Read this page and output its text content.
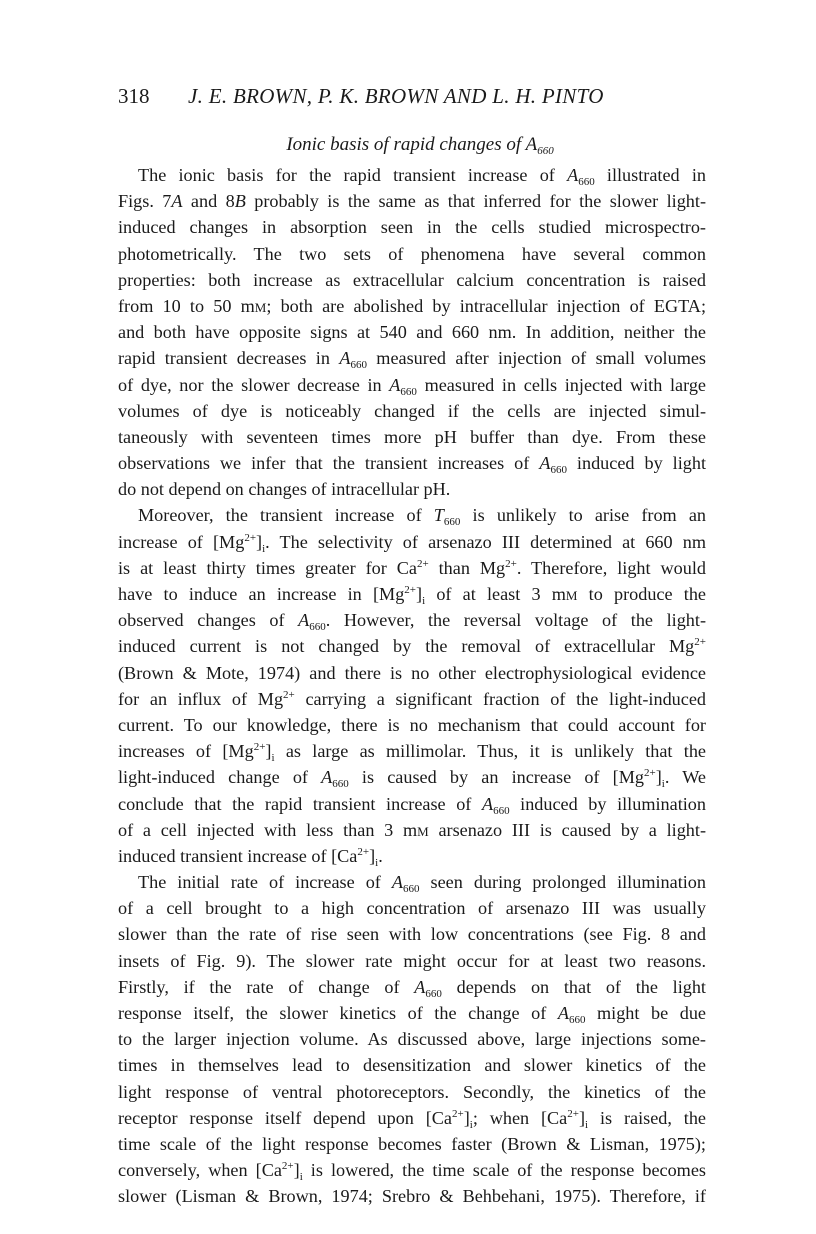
318 J. E. BROWN, P. K. BROWN AND L. H. PINTO
Ionic basis of rapid changes of $A_{660}$
The ionic basis for the rapid transient increase of $A_{660}$ illustrated in
Figs. 7A and 8B probably is the same as that inferred for the slower light-
induced changes in absorption seen in the cells studied microspectro-
photometrically. The two sets of phenomena have several common
properties: both increase as extracellular calcium concentration is raised
from 10 to 50 mm; both are abolished by intracellular injection of EGTA;
and both have opposite signs at 540 and 660 nm. In addition, neither the
rapid transient decreases in $A_{660}$ measured after injection of small volumes
of dye, nor the slower decrease in $A_{660}$ measured in cells injected with large
volumes of dye is noticeably changed if the cells are injected simul-
taneously with seventeen times more pH buffer than dye. From these
observations we infer that the transient increases of $A_{660}$ induced by light
do not depend on changes of intracellular pH.
Moreover, the transient increase of $T_{660}$ is unlikely to arise from an
increase of $[Mg^{2+}]_i$. The selectivity of arsenazo III determined at 660 nm
is at least thirty times greater for $Ca^{2+}$ than $Mg^{2+}$. Therefore, light would
have to induce an increase in $[Mg^{2+}]_i$ of at least 3 mm to produce the
observed changes of $A_{660}$. However, the reversal voltage of the light-
induced current is not changed by the removal of extracellular $Mg^{2+}$
(Brown & Mote, 1974) and there is no other electrophysiological evidence
for an influx of $Mg^{2+}$ carrying a significant fraction of the light-induced
current. To our knowledge, there is no mechanism that could account for
increases of $[Mg^{2+}]_i$ as large as millimolar. Thus, it is unlikely that the
light-induced change of $A_{660}$ is caused by an increase of $[Mg^{2+}]_i$. We
conclude that the rapid transient increase of $A_{660}$ induced by illumination
of a cell injected with less than 3 mm arsenazo III is caused by a light-
induced transient increase of $[Ca^{2+}]_i$.
The initial rate of increase of $A_{660}$ seen during prolonged illumination
of a cell brought to a high concentration of arsenazo III was usually
slower than the rate of rise seen with low concentrations (see Fig. 8 and
insets of Fig. 9). The slower rate might occur for at least two reasons.
Firstly, if the rate of change of $A_{660}$ depends on that of the light
response itself, the slower kinetics of the change of $A_{660}$ might be due
to the larger injection volume. As discussed above, large injections some-
times in themselves lead to desensitization and slower kinetics of the
light response of ventral photoreceptors. Secondly, the kinetics of the
receptor response itself depend upon $[Ca^{2+}]_i$; when $[Ca^{2+}]_i$ is raised, the
time scale of the light response becomes faster (Brown & Lisman, 1975);
conversely, when $[Ca^{2+}]_i$ is lowered, the time scale of the response becomes
slower (Lisman & Brown, 1974; Srebro & Behbehani, 1975). Therefore, if
